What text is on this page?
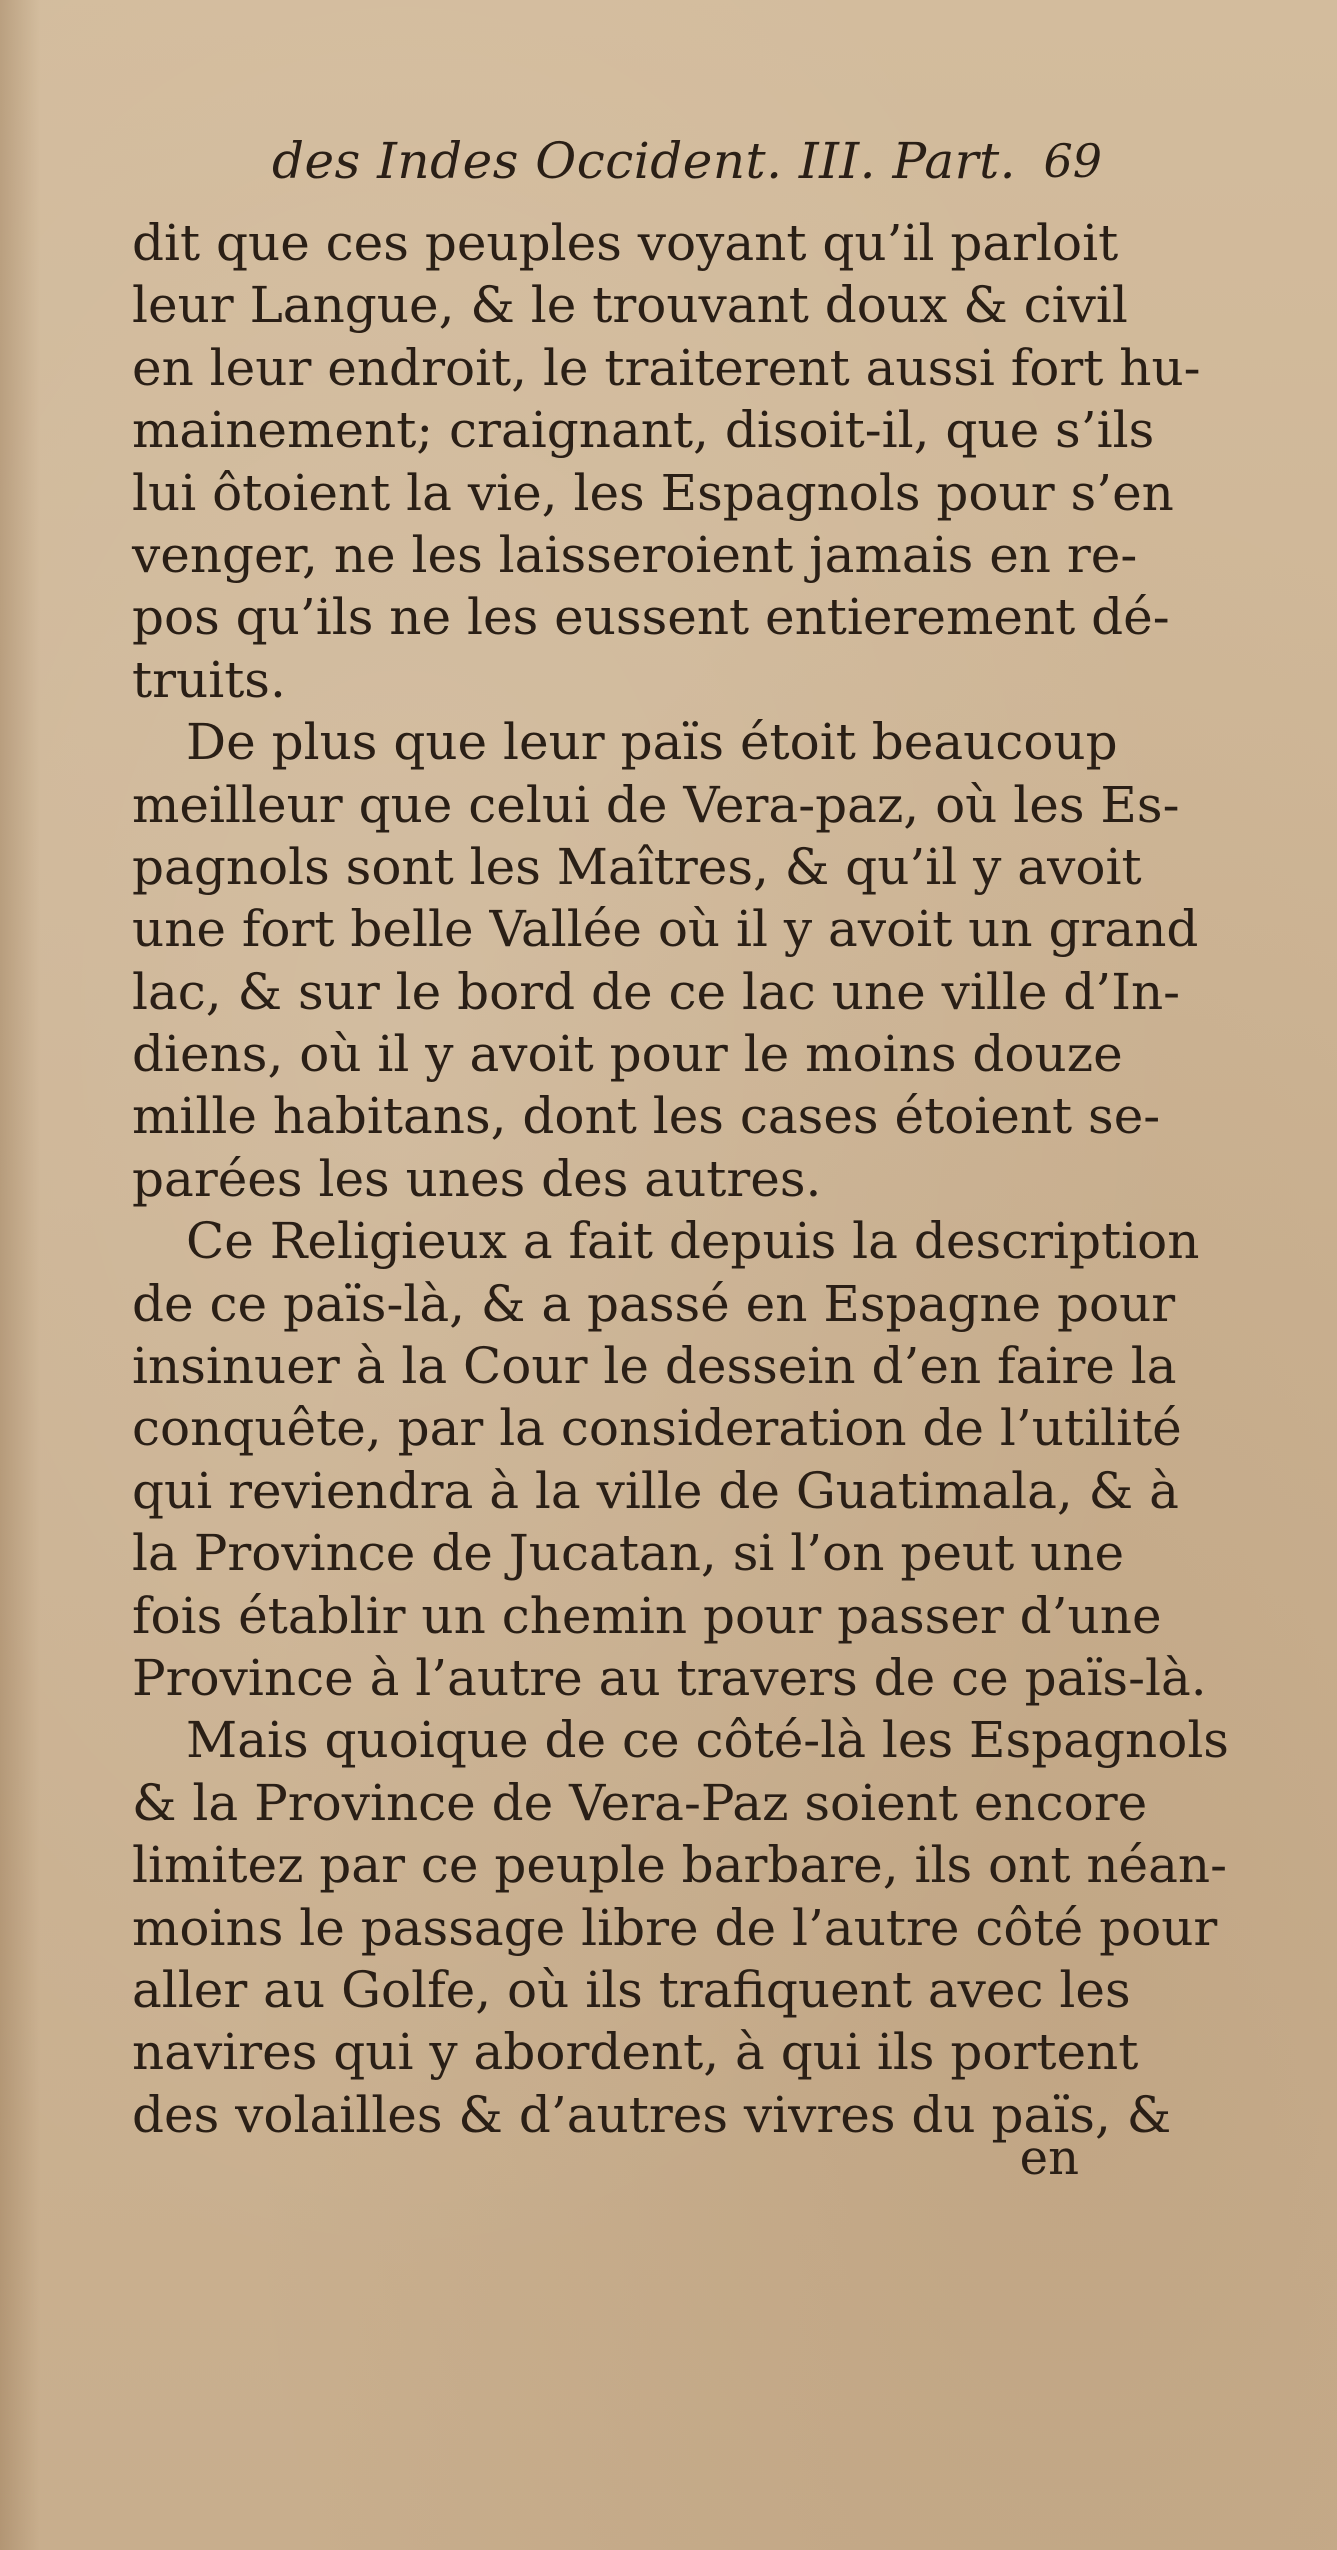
des Indes Occident. III. Part. 69
dit que ces peuples voyant qu’il parloit
leur Langue, & le trouvant doux & civil
en leur endroit, le traiterent aussi fort hu-
mainement; craignant, disoit-il, que s’ils
lui ôtoient la vie, les Espagnols pour s’en
venger, ne les laisseroient jamais en re-
pos qu’ils ne les eussent entierement dé-
truits.
De plus que leur païs étoit beaucoup
meilleur que celui de Vera-paz, où les Es-
pagnols sont les Maîtres, & qu’il y avoit
une fort belle Vallée où il y avoit un grand
lac, & sur le bord de ce lac une ville d’In-
diens, où il y avoit pour le moins douze
mille habitans, dont les cases étoient se-
parées les unes des autres.
Ce Religieux a fait depuis la description
de ce païs-là, & a passé en Espagne pour
insinuer à la Cour le dessein d’en faire la
conquête, par la consideration de l’utilité
qui reviendra à la ville de Guatimala, & à
la Province de Jucatan, si l’on peut une
fois établir un chemin pour passer d’une
Province à l’autre au travers de ce païs-là.
Mais quoique de ce côté-là les Espagnols
& la Province de Vera-Paz soient encore
limitez par ce peuple barbare, ils ont néan-
moins le passage libre de l’autre côté pour
aller au Golfe, où ils trafiquent avec les
navires qui y abordent, à qui ils portent
des volailles & d’autres vivres du païs, &
en
